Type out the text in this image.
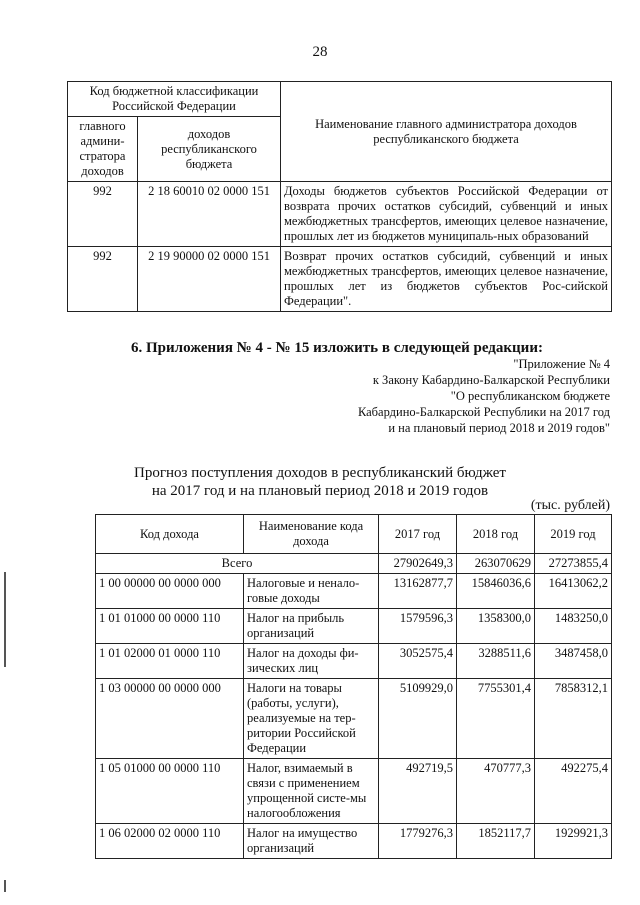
28
Код бюджетной классификации Российской Федерации		Наименование главного администратора доходов республиканского бюджета
главного админи-стратора доходов	доходов республиканского бюджета	
992	2 18 60010 02 0000 151	Доходы бюджетов субъектов Российской Федерации от возврата прочих остатков субсидий, субвенций и иных межбюджетных трансфертов, имеющих целевое назначение, прошлых лет из бюджетов муниципаль-ных образований
992	2 19 90000 02 0000 151	Возврат прочих остатков субсидий, субвенций и иных межбюджетных трансфертов, имеющих целевое назначение, прошлых лет из бюджетов субъектов Рос-сийской Федерации".
6. Приложения № 4 - № 15 изложить в следующей редакции:
"Приложение № 4
к Закону Кабардино-Балкарской Республики
"О республиканском бюджете
Кабардино-Балкарской Республики на 2017 год
и на плановый период 2018 и 2019 годов"
Прогноз поступления доходов в республиканский бюджет
на 2017 год и на плановый период 2018 и 2019 годов
(тыс. рублей)
Код дохода	Наименование кода дохода	2017 год	2018 год	2019 год
Всего		27902649,3	263070629	27273855,4
1 00 00000 00 0000 000	Налоговые и ненало-говые доходы	13162877,7	15846036,6	16413062,2
1 01 01000 00 0000 110	Налог на прибыль организаций	1579596,3	1358300,0	1483250,0
1 01 02000 01 0000 110	Налог на доходы фи-зических лиц	3052575,4	3288511,6	3487458,0
1 03 00000 00 0000 000	Налоги на товары (работы, услуги), реализуемые на тер-ритории Российской Федерации	5109929,0	7755301,4	7858312,1
1 05 01000 00 0000 110	Налог, взимаемый в связи с применением упрощенной систе-мы налогообложения	492719,5	470777,3	492275,4
1 06 02000 02 0000 110	Налог на имущество организаций	1779276,3	1852117,7	1929921,3
